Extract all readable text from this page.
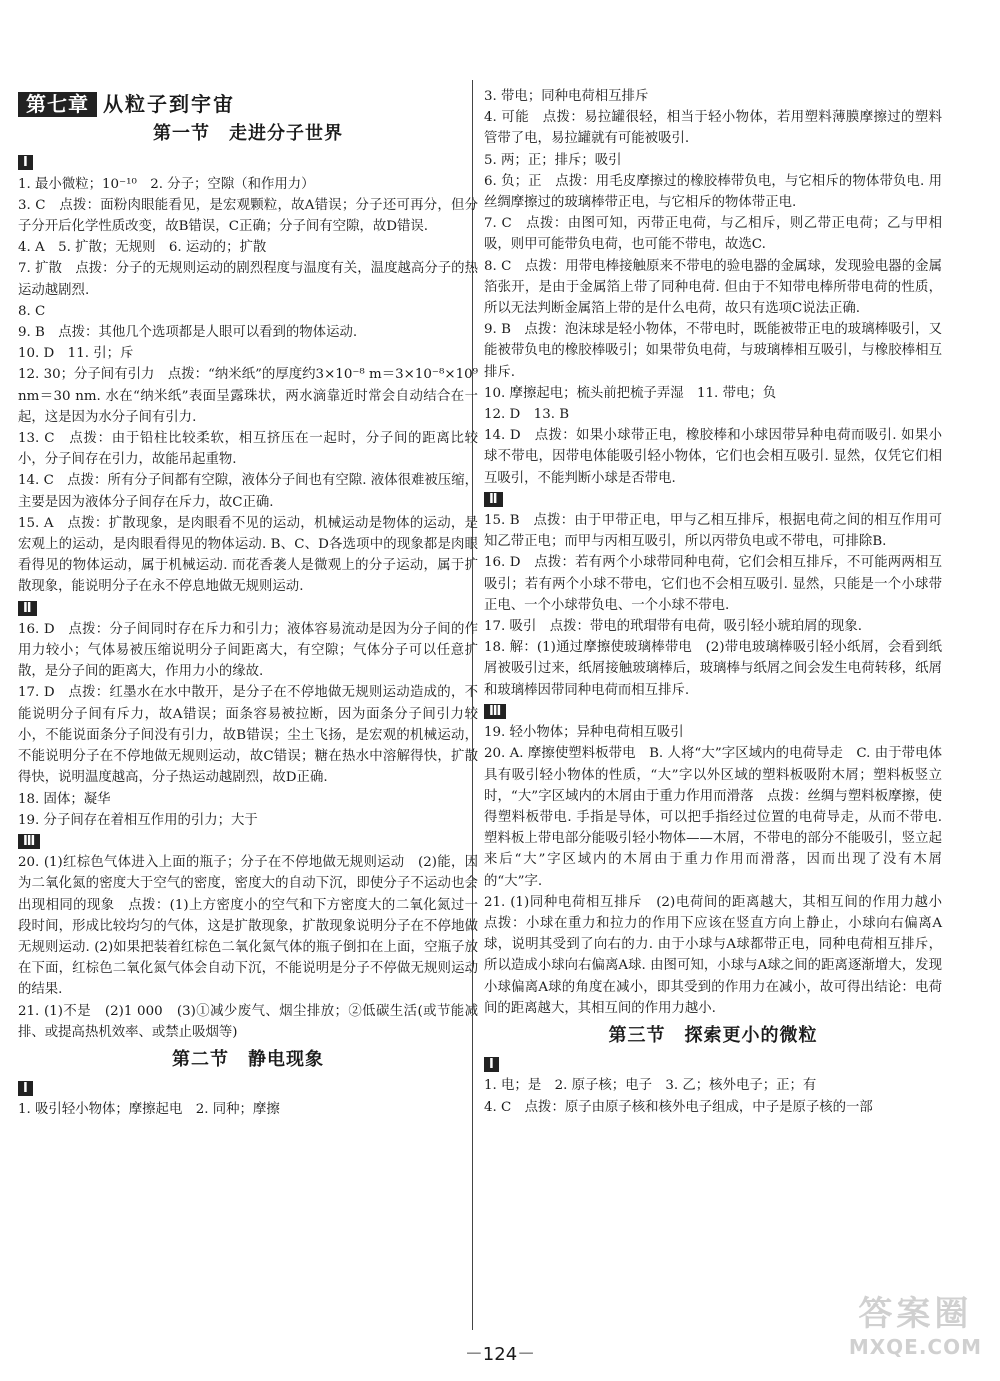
第七章 从粒子到宇宙
第一节　走进分子世界
Ⅰ

1. 最小微粒；10⁻¹⁰　2. 分子；空隙（和作用力）

3. C　点拨：面粉肉眼能看见，是宏观颗粒，故A错误；分子还可再分，但分子分开后化学性质改变，故B错误，C正确；分子间有空隙，故D错误.

4. A　5. 扩散；无规则　6. 运动的；扩散

7. 扩散　点拨：分子的无规则运动的剧烈程度与温度有关，温度越高分子的热运动越剧烈.

8. C

9. B　点拨：其他几个选项都是人眼可以看到的物体运动.

10. D　11. 引；斥

12. 30；分子间有引力　点拨：“纳米纸”的厚度约3×10⁻⁸ m＝3×10⁻⁸×10⁹ nm＝30 nm. 水在“纳米纸”表面呈露珠状，两水滴靠近时常会自动结合在一起，这是因为水分子间有引力.

13. C　点拨：由于铅柱比较柔软，相互挤压在一起时，分子间的距离比较小，分子间存在引力，故能吊起重物.

14. C　点拨：所有分子间都有空隙，液体分子间也有空隙. 液体很难被压缩，主要是因为液体分子间存在斥力，故C正确.

15. A　点拨：扩散现象，是肉眼看不见的运动，机械运动是物体的运动，是宏观上的运动，是肉眼看得见的物体运动. B、C、D各选项中的现象都是肉眼看得见的物体运动，属于机械运动. 而花香袭人是微观上的分子运动，属于扩散现象，能说明分子在永不停息地做无规则运动.

Ⅱ

16. D　点拨：分子间同时存在斥力和引力；液体容易流动是因为分子间的作用力较小；气体易被压缩说明分子间距离大，有空隙；气体分子可以任意扩散，是分子间的距离大，作用力小的缘故.

17. D　点拨：红墨水在水中散开，是分子在不停地做无规则运动造成的，不能说明分子间有斥力，故A错误；面条容易被拉断，因为面条分子间引力较小，不能说面条分子间没有引力，故B错误；尘土飞扬，是宏观的机械运动，不能说明分子在不停地做无规则运动，故C错误；糖在热水中溶解得快，扩散得快，说明温度越高，分子热运动越剧烈，故D正确.

18. 固体；凝华

19. 分子间存在着相互作用的引力；大于

Ⅲ

20. (1)红棕色气体进入上面的瓶子；分子在不停地做无规则运动　(2)能，因为二氧化氮的密度大于空气的密度，密度大的自动下沉，即使分子不运动也会出现相同的现象　点拨：(1)上方密度小的空气和下方密度大的二氧化氮过一段时间，形成比较均匀的气体，这是扩散现象，扩散现象说明分子在不停地做无规则运动. (2)如果把装着红棕色二氧化氮气体的瓶子倒扣在上面，空瓶子放在下面，红棕色二氧化氮气体会自动下沉，不能说明是分子不停做无规则运动的结果.

21. (1)不是　(2)1 000　(3)①减少废气、烟尘排放；②低碳生活(或节能减排、或提高热机效率、或禁止吸烟等)

第二节　静电现象
Ⅰ

1. 吸引轻小物体；摩擦起电　2. 同种；摩擦

3. 带电；同种电荷相互排斥

4. 可能　点拨：易拉罐很轻，相当于轻小物体，若用塑料薄膜摩擦过的塑料管带了电，易拉罐就有可能被吸引.

5. 两；正；排斥；吸引

6. 负；正　点拨：用毛皮摩擦过的橡胶棒带负电，与它相斥的物体带负电. 用丝绸摩擦过的玻璃棒带正电，与它相斥的物体带正电.

7. C　点拨：由图可知，丙带正电荷，与乙相斥，则乙带正电荷；乙与甲相吸，则甲可能带负电荷，也可能不带电，故选C.

8. C　点拨：用带电棒接触原来不带电的验电器的金属球，发现验电器的金属箔张开，是由于金属箔上带了同种电荷. 但由于不知带电棒所带电荷的性质，所以无法判断金属箔上带的是什么电荷，故只有选项C说法正确.

9. B　点拨：泡沫球是轻小物体，不带电时，既能被带正电的玻璃棒吸引，又能被带负电的橡胶棒吸引；如果带负电荷，与玻璃棒相互吸引，与橡胶棒相互排斥.

10. 摩擦起电；梳头前把梳子弄湿　11. 带电；负

12. D　13. B

14. D　点拨：如果小球带正电，橡胶棒和小球因带异种电荷而吸引. 如果小球不带电，因带电体能吸引轻小物体，它们也会相互吸引. 显然，仅凭它们相互吸引，不能判断小球是否带电.

Ⅱ

15. B　点拨：由于甲带正电，甲与乙相互排斥，根据电荷之间的相互作用可知乙带正电；而甲与丙相互吸引，所以丙带负电或不带电，可排除B.

16. D　点拨：若有两个小球带同种电荷，它们会相互排斥，不可能两两相互吸引；若有两个小球不带电，它们也不会相互吸引. 显然，只能是一个小球带正电、一个小球带负电、一个小球不带电.

17. 吸引　点拨：带电的玳瑁带有电荷，吸引轻小琥珀屑的现象.

18. 解：(1)通过摩擦使玻璃棒带电　(2)带电玻璃棒吸引轻小纸屑，会看到纸屑被吸引过来，纸屑接触玻璃棒后，玻璃棒与纸屑之间会发生电荷转移，纸屑和玻璃棒因带同种电荷而相互排斥.

Ⅲ

19. 轻小物体；异种电荷相互吸引

20. A. 摩擦使塑料板带电　B. 人将“大”字区域内的电荷导走　C. 由于带电体具有吸引轻小物体的性质，“大”字以外区域的塑料板吸附木屑；塑料板竖立时，“大”字区域内的木屑由于重力作用而滑落　点拨：丝绸与塑料板摩擦，使得塑料板带电. 手指是导体，可以把手指经过位置的电荷导走，从而不带电. 塑料板上带电部分能吸引轻小物体——木屑，不带电的部分不能吸引，竖立起来后“大”字区域内的木屑由于重力作用而滑落，因而出现了没有木屑的“大”字.

21. (1)同种电荷相互排斥　(2)电荷间的距离越大，其相互间的作用力越小　点拨：小球在重力和拉力的作用下应该在竖直方向上静止，小球向右偏离A球，说明其受到了向右的力. 由于小球与A球都带正电，同种电荷相互排斥，所以造成小球向右偏离A球. 由图可知，小球与A球之间的距离逐渐增大，发现小球偏离A球的角度在减小，即其受到的作用力在减小，故可得出结论：电荷间的距离越大，其相互间的作用力越小.

第三节　探索更小的微粒
Ⅰ

1. 电；是　2. 原子核；电子　3. 乙；核外电子；正；有

4. C　点拨：原子由原子核和核外电子组成，中子是原子核的一部

－124－
答案圈
MXQE.COM
